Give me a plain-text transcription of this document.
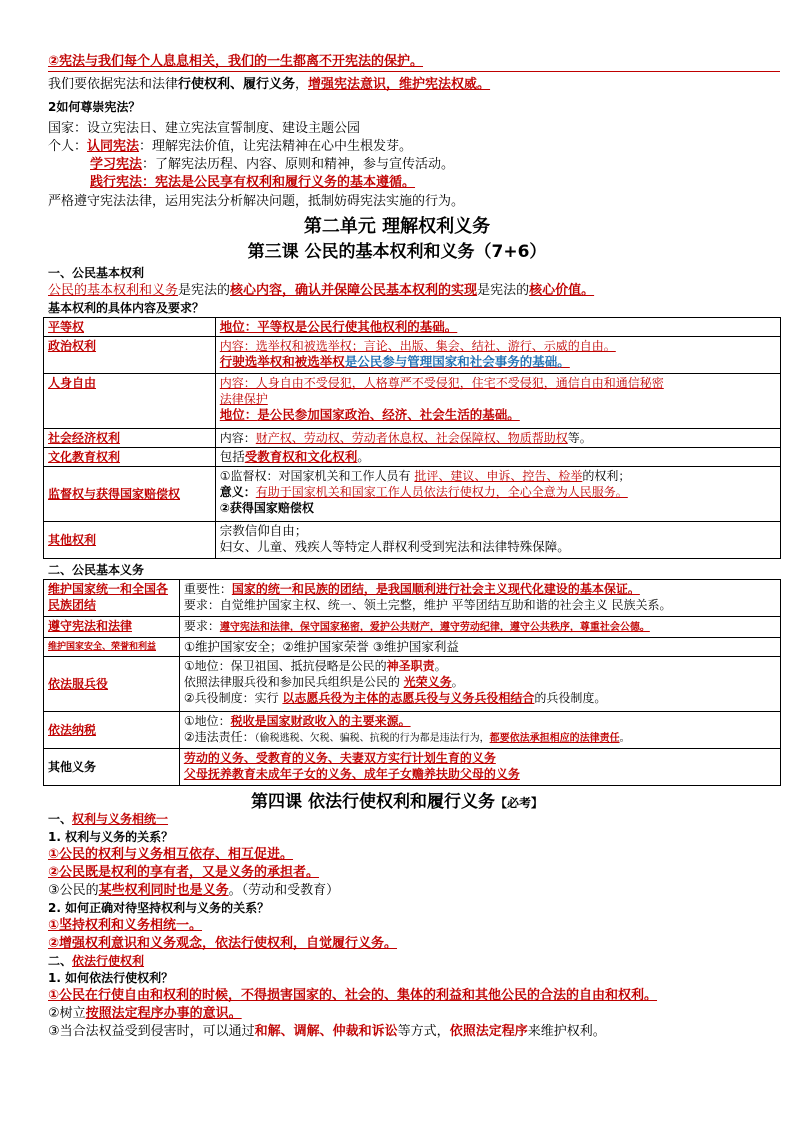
②宪法与我们每个人息息相关，我们的一生都离不开宪法的保护。
我们要依据宪法和法律行使权利、履行义务，增强宪法意识，维护宪法权威。
2如何尊崇宪法？
国家：设立宪法日、建立宪法宣誓制度、建设主题公园
个人：认同宪法：理解宪法价值，让宪法精神在心中生根发芽。
学习宪法：了解宪法历程、内容、原则和精神，参与宣传活动。
践行宪法：宪法是公民享有权利和履行义务的基本遵循。
严格遵守宪法法律，运用宪法分析解决问题，抵制妨碍宪法实施的行为。
第二单元 理解权利义务
第三课 公民的基本权利和义务（7+6）
一、公民基本权利
公民的基本权利和义务是宪法的核心内容，确认并保障公民基本权利的实现是宪法的核心价值。
基本权利的具体内容及要求？
平等权	地位：平等权是公民行使其他权利的基础。
政治权利	内容：选举权和被选举权；言论、出版、集会、结社、游行、示威的自由。
行驶选举权和被选举权是公民参与管理国家和社会事务的基础。

人身自由	内容：人身自由不受侵犯，人格尊严不受侵犯，住宅不受侵犯，通信自由和通信秘密
法律保护
地位：是公民参加国家政治、经济、社会生活的基础。

社会经济权利	内容：财产权、劳动权、劳动者休息权、社会保障权、物质帮助权等。
文化教育权利	包括受教育权和文化权利。
监督权与获得国家赔偿权	①监督权：对国家机关和工作人员有 批评、建议、申诉、控告、检举的权利；
意义：有助于国家机关和国家工作人员依法行使权力，全心全意为人民服务。
②获得国家赔偿权

其他权利	宗教信仰自由；
妇女、儿童、残疾人等特定人群权利受到宪法和法律特殊保障。
二、公民基本义务
维护国家统一和全国各民族团结	重要性：国家的统一和民族的团结，是我国顺利进行社会主义现代化建设的基本保证。
要求：自觉维护国家主权、统一、领土完整，维护 平等团结互助和谐的社会主义 民族关系。

遵守宪法和法律	要求：遵守宪法和法律，保守国家秘密，爱护公共财产，遵守劳动纪律，遵守公共秩序，尊重社会公德。
维护国家安全、荣誉和利益	①维护国家安全；②维护国家荣誉 ③维护国家利益
依法服兵役	①地位：保卫祖国、抵抗侵略是公民的神圣职责。
依照法律服兵役和参加民兵组织是公民的 光荣义务。
②兵役制度：实行 以志愿兵役为主体的志愿兵役与义务兵役相结合的兵役制度。

依法纳税	①地位：税收是国家财政收入的主要来源。
②违法责任：（偷税逃税、欠税、骗税、抗税的行为都是违法行为，都要依法承担相应的法律责任。

其他义务	劳动的义务、受教育的义务、夫妻双方实行计划生育的义务
父母抚养教育未成年子女的义务、成年子女赡养扶助父母的义务
第四课 依法行使权利和履行义务【必考】
一、权利与义务相统一
1. 权利与义务的关系？
①公民的权利与义务相互依存、相互促进。
②公民既是权利的享有者，又是义务的承担者。
③公民的某些权利同时也是义务。（劳动和受教育）
2. 如何正确对待坚持权利与义务的关系？
①坚持权利和义务相统一。
②增强权利意识和义务观念，依法行使权利，自觉履行义务。
二、依法行使权利
1. 如何依法行使权利？
①公民在行使自由和权利的时候，不得损害国家的、社会的、集体的利益和其他公民的合法的自由和权利。
②树立按照法定程序办事的意识。
③当合法权益受到侵害时，可以通过和解、调解、仲裁和诉讼等方式，依照法定程序来维护权利。
